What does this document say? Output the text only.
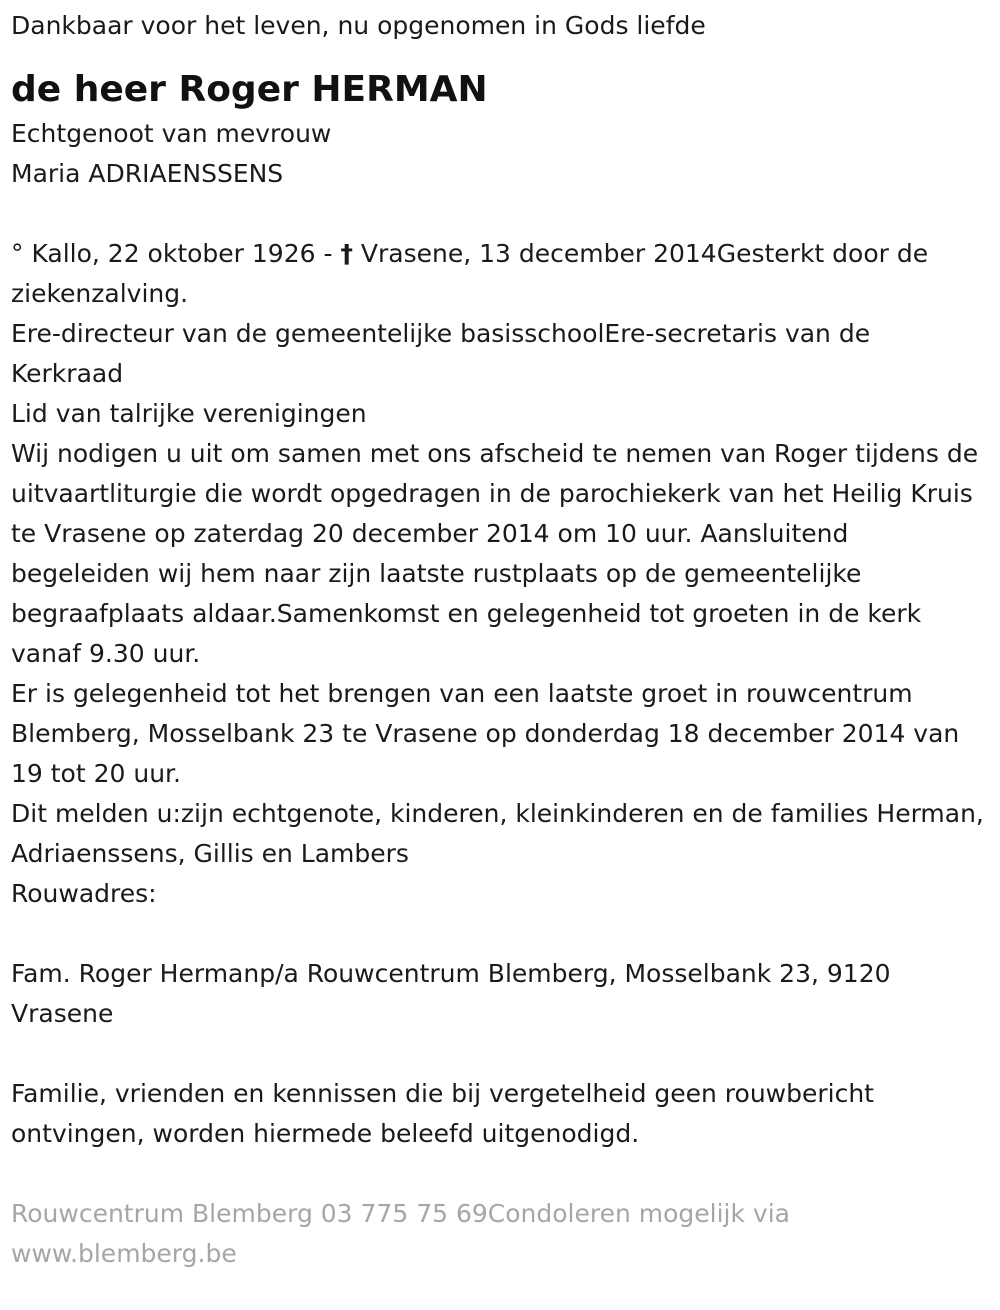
Dankbaar voor het leven, nu opgenomen in Gods liefde

de heer Roger HERMAN

Echtgenoot van mevrouw

Maria ADRIAENSSENS

° Kallo, 22 oktober 1926 - † Vrasene, 13 december 2014Gesterkt door de ziekenzalving.

Ere-directeur van de gemeentelijke basisschoolEre-secretaris van de Kerkraad

Lid van talrijke verenigingen

Wij nodigen u uit om samen met ons afscheid te nemen van Roger tijdens de uitvaartliturgie die wordt opgedragen in de parochiekerk van het Heilig Kruis te Vrasene op zaterdag 20 december 2014 om 10 uur. Aansluitend begeleiden wij hem naar zijn laatste rustplaats op de gemeentelijke begraafplaats aldaar.Samenkomst en gelegenheid tot groeten in de kerk vanaf 9.30 uur.

Er is gelegenheid tot het brengen van een laatste groet in rouwcentrum Blemberg, Mosselbank 23 te Vrasene op donderdag 18 december 2014 van 19 tot 20 uur.

Dit melden u:zijn echtgenote, kinderen, kleinkinderen en de families Herman, Adriaenssens, Gillis en Lambers

Rouwadres:

Fam. Roger Hermanp/a Rouwcentrum Blemberg, Mosselbank 23, 9120 Vrasene

Familie, vrienden en kennissen die bij vergetelheid geen rouwbericht ontvingen, worden hiermede beleefd uitgenodigd.

Rouwcentrum Blemberg 03 775 75 69Condoleren mogelijk via www.blemberg.be
